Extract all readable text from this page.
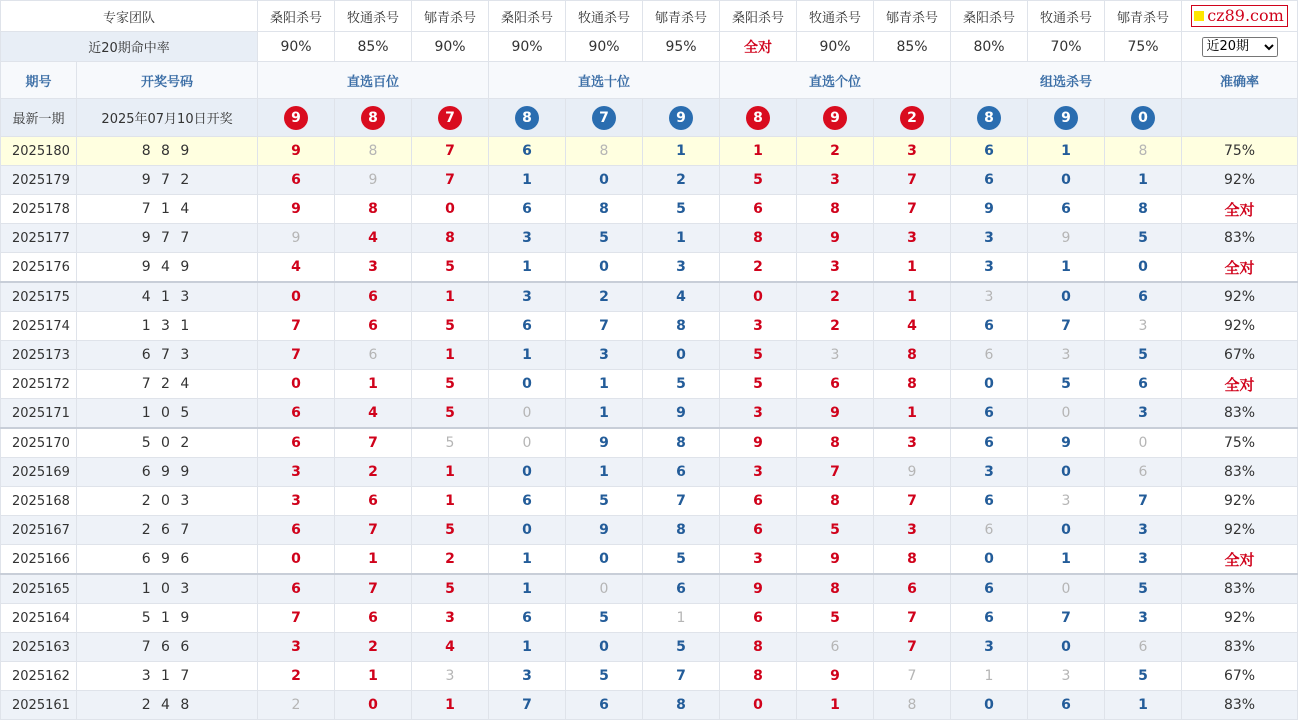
专家团队		桑阳杀号	牧通杀号	郇青杀号	桑阳杀号	牧通杀号	郇青杀号	桑阳杀号	牧通杀号	郇青杀号	桑阳杀号	牧通杀号	郇青杀号	cz89.com

近20期命中率		90%	85%	90%	90%	90%	95%	全对	90%	85%	80%	70%	75%	
近20期
期号	开奖号码	直选百位			直选十位			直选个位			组选杀号			准确率
最新一期	2025年07月10日开奖	9	8	7	8	7	9	8	9	2	8	9	0	
2025180	8 8 9	9	8	7	6	8	1	1	2	3	6	1	8	75%
2025179	9 7 2	6	9	7	1	0	2	5	3	7	6	0	1	92%
2025178	7 1 4	9	8	0	6	8	5	6	8	7	9	6	8	全对
2025177	9 7 7	9	4	8	3	5	1	8	9	3	3	9	5	83%
2025176	9 4 9	4	3	5	1	0	3	2	3	1	3	1	0	全对
2025175	4 1 3	0	6	1	3	2	4	0	2	1	3	0	6	92%
2025174	1 3 1	7	6	5	6	7	8	3	2	4	6	7	3	92%
2025173	6 7 3	7	6	1	1	3	0	5	3	8	6	3	5	67%
2025172	7 2 4	0	1	5	0	1	5	5	6	8	0	5	6	全对
2025171	1 0 5	6	4	5	0	1	9	3	9	1	6	0	3	83%
2025170	5 0 2	6	7	5	0	9	8	9	8	3	6	9	0	75%
2025169	6 9 9	3	2	1	0	1	6	3	7	9	3	0	6	83%
2025168	2 0 3	3	6	1	6	5	7	6	8	7	6	3	7	92%
2025167	2 6 7	6	7	5	0	9	8	6	5	3	6	0	3	92%
2025166	6 9 6	0	1	2	1	0	5	3	9	8	0	1	3	全对
2025165	1 0 3	6	7	5	1	0	6	9	8	6	6	0	5	83%
2025164	5 1 9	7	6	3	6	5	1	6	5	7	6	7	3	92%
2025163	7 6 6	3	2	4	1	0	5	8	6	7	3	0	6	83%
2025162	3 1 7	2	1	3	3	5	7	8	9	7	1	3	5	67%
2025161	2 4 8	2	0	1	7	6	8	0	1	8	0	6	1	83%
